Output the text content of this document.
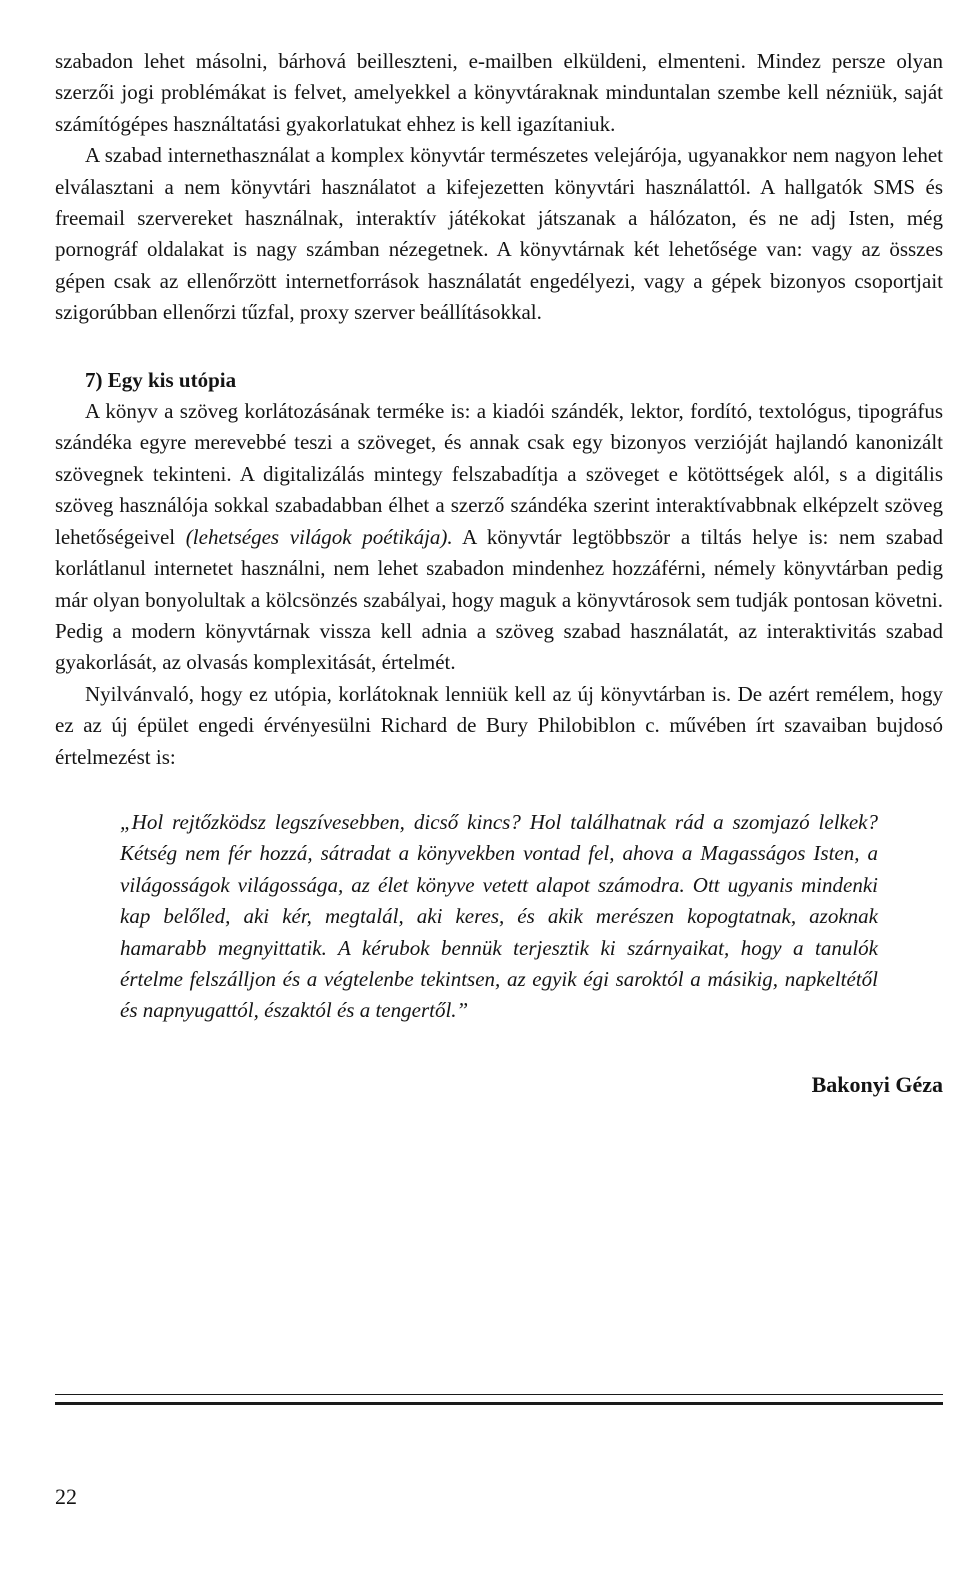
szabadon lehet másolni, bárhová beilleszteni, e-mailben elküldeni, elmenteni. Mindez persze olyan szerzői jogi problémákat is felvet, amelyekkel a könyvtáraknak minduntalan szembe kell nézniük, saját számítógépes használtatási gyakorlatukat ehhez is kell igazítaniuk.

A szabad internethasználat a komplex könyvtár természetes velejárója, ugyanakkor nem nagyon lehet elválasztani a nem könyvtári használatot a kifejezetten könyvtári használattól. A hallgatók SMS és freemail szervereket használnak, interaktív játékokat játszanak a hálózaton, és ne adj Isten, még pornográf oldalakat is nagy számban nézegetnek. A könyvtárnak két lehetősége van: vagy az összes gépen csak az ellenőrzött internetforrások használatát engedélyezi, vagy a gépek bizonyos csoportjait szigorúbban ellenőrzi tűzfal, proxy szerver beállításokkal.

7) Egy kis utópia

A könyv a szöveg korlátozásának terméke is: a kiadói szándék, lektor, fordító, textológus, tipográfus szándéka egyre merevebbé teszi a szöveget, és annak csak egy bizonyos verzióját hajlandó kanonizált szövegnek tekinteni. A digitalizálás mintegy felszabadítja a szöveget e kötöttségek alól, s a digitális szöveg használója sokkal szabadabban élhet a szerző szándéka szerint interaktívabbnak elképzelt szöveg lehetőségeivel (lehetséges világok poétikája). A könyvtár legtöbbször a tiltás helye is: nem szabad korlátlanul internetet használni, nem lehet szabadon mindenhez hozzáférni, némely könyvtárban pedig már olyan bonyolultak a kölcsönzés szabályai, hogy maguk a könyvtárosok sem tudják pontosan követni. Pedig a modern könyvtárnak vissza kell adnia a szöveg szabad használatát, az interaktivitás szabad gyakorlását, az olvasás komplexitását, értelmét.

Nyilvánvaló, hogy ez utópia, korlátoknak lenniük kell az új könyvtárban is. De azért remélem, hogy ez az új épület engedi érvényesülni Richard de Bury Philobiblon c. művében írt szavaiban bujdosó értelmezést is:

„Hol rejtőzködsz legszívesebben, dicső kincs? Hol találhatnak rád a szomjazó lelkek? Kétség nem fér hozzá, sátradat a könyvekben vontad fel, ahova a Magasságos Isten, a világosságok világossága, az élet könyve vetett alapot számodra. Ott ugyanis mindenki kap belőled, aki kér, megtalál, aki keres, és akik merészen kopogtatnak, azoknak hamarabb megnyittatik. A kérubok bennük terjesztik ki szárnyaikat, hogy a tanulók értelme felszálljon és a végtelenbe tekintsen, az egyik égi saroktól a másikig, napkeltétől és napnyugattól, északtól és a tengertől.”
Bakonyi Géza
22
